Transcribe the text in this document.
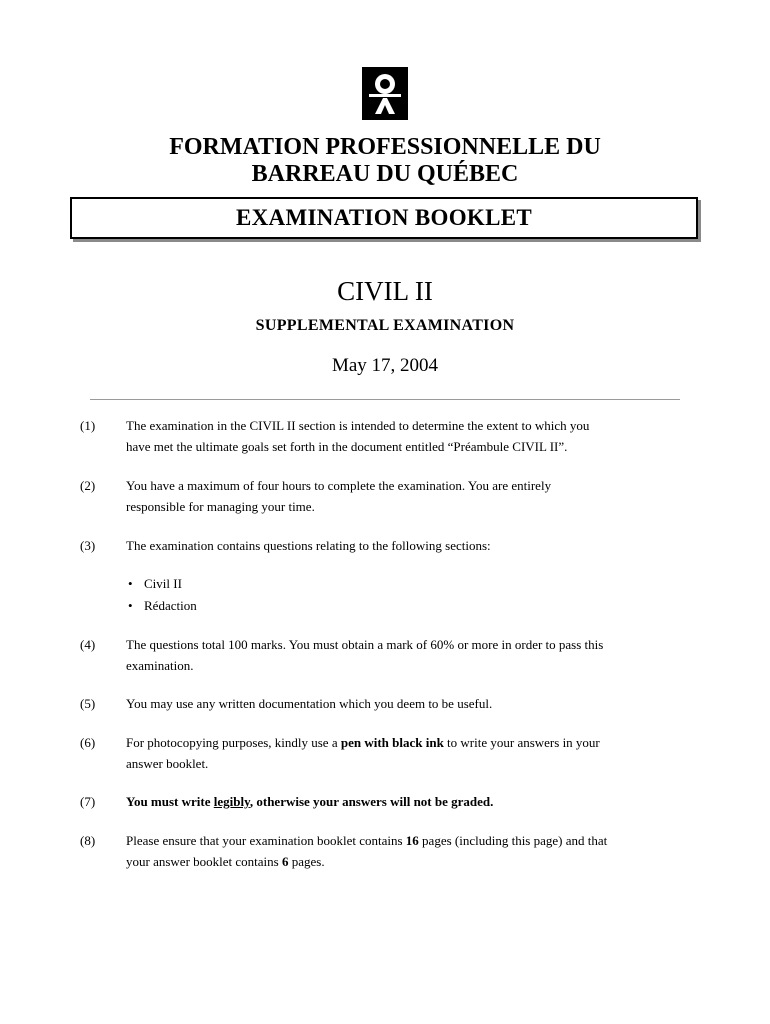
FORMATION PROFESSIONNELLE DU
BARREAU DU QUÉBEC
EXAMINATION BOOKLET
CIVIL II
SUPPLEMENTAL EXAMINATION
May 17, 2004
(1)	The examination in the CIVIL II section is intended to determine the extent to which you
have met the ultimate goals set forth in the document entitled “Préambule CIVIL II”.
(2)	You have a maximum of four hours to complete the examination. You are entirely
responsible for managing your time.
(3)	The examination contains questions relating to the following sections:
• Civil II
• Rédaction
(4)	The questions total 100 marks. You must obtain a mark of 60% or more in order to pass this
examination.
(5)	You may use any written documentation which you deem to be useful.
(6)	For photocopying purposes, kindly use a pen with black ink to write your answers in your
answer booklet.
(7)	You must write legibly, otherwise your answers will not be graded.
(8)	Please ensure that your examination booklet contains 16 pages (including this page) and that
your answer booklet contains 6 pages.
